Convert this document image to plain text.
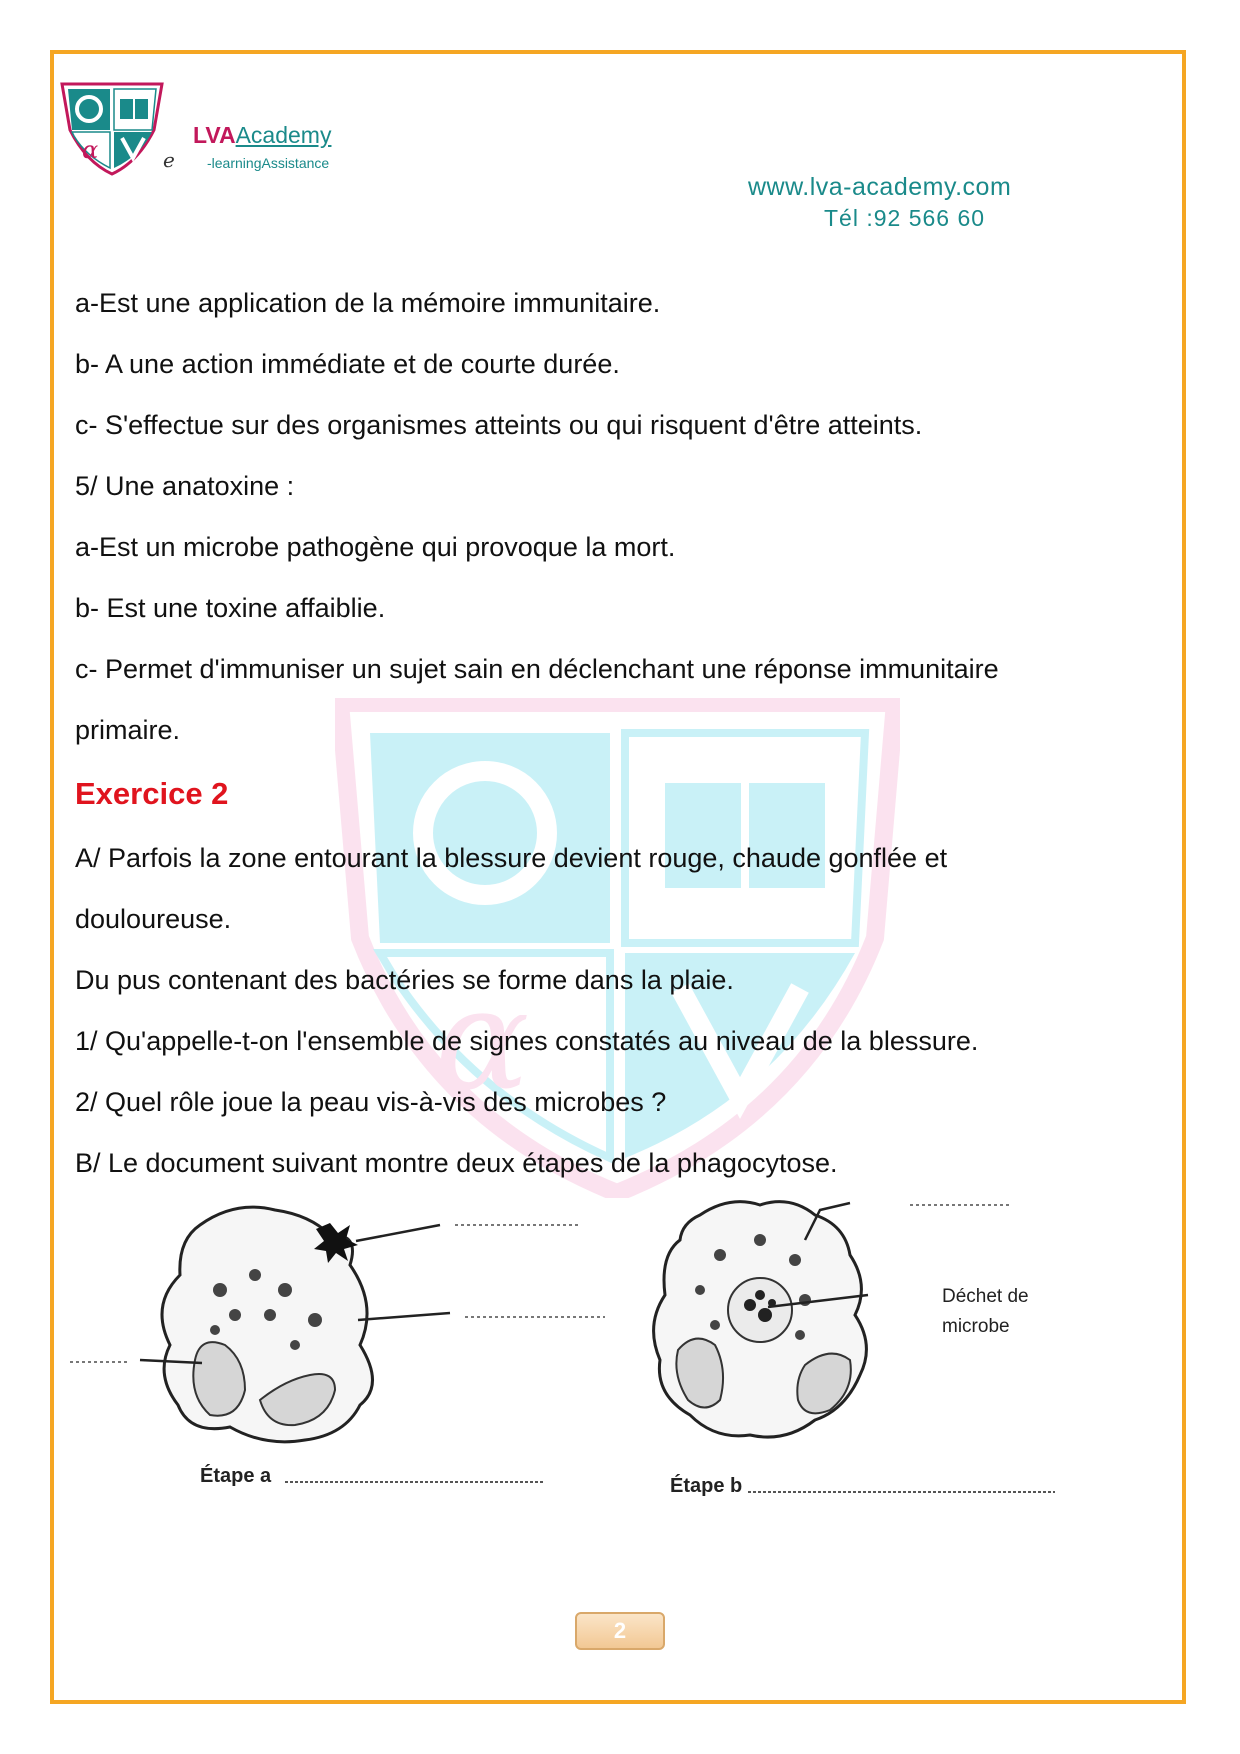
α	e
LVAAcademy
-learningAssistance
www.lva-academy.com
Tél :92 566 60
α
a-Est une application de la mémoire immunitaire.
b- A une action immédiate et de courte durée.
c- S'effectue sur des organismes atteints ou qui risquent d'être atteints.
5/ Une anatoxine :
a-Est un microbe pathogène qui provoque la mort.
b- Est une toxine affaiblie.
c- Permet d'immuniser un sujet sain en déclenchant une réponse immunitaire
primaire.
Exercice 2
A/ Parfois la zone entourant la blessure devient rouge, chaude gonflée et
douloureuse.
Du pus contenant des bactéries se forme dans la plaie.
1/ Qu'appelle-t-on l'ensemble de signes constatés au niveau de la blessure.
2/ Quel rôle joue la peau vis-à-vis des microbes ?
B/ Le document suivant montre deux étapes de la phagocytose.
Étape a
Déchet de
microbe
Étape b
2
